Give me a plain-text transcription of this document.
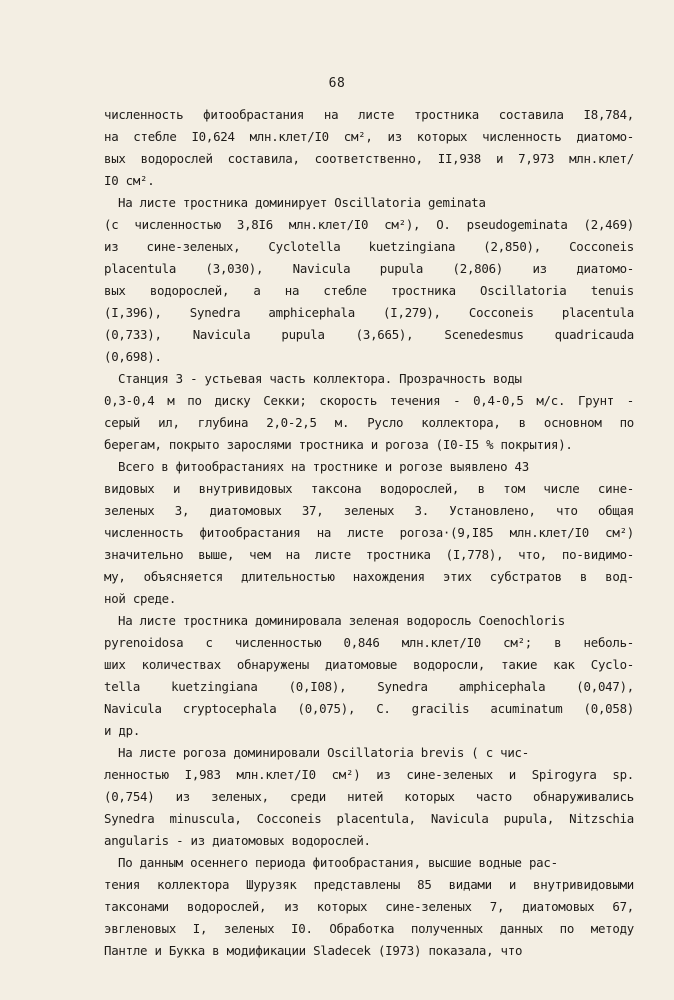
68

численность фитообрастания на листе тростника составила I8,784,

на стебле I0,624 млн.клет/I0 см², из которых численность диатомо-

вых водорослей составила, соответственно, II,938 и 7,973 млн.клет/

I0 см².

На листе тростника доминирует Oscillatoria geminata

(с численностью 3,8I6 млн.клет/I0 см²), O. pseudogeminata (2,469)

из сине-зеленых, Cyclotella kuetzingiana (2,850), Cocconeis

placentula (3,030), Navicula pupula (2,806) из диатомо-

вых водорослей, а на стебле тростника Oscillatoria tenuis

(I,396), Synedra amphicephala (I,279), Cocconeis placentula

(0,733), Navicula pupula (3,665), Scenedesmus quadricauda

(0,698).

Станция 3 - устьевая часть коллектора. Прозрачность воды

0,3-0,4 м по диску Секки; скорость течения - 0,4-0,5 м/с. Грунт -

серый ил, глубина 2,0-2,5 м. Русло коллектора, в основном по

берегам, покрыто зарослями тростника и рогоза (I0-I5 % покрытия).

Всего в фитообрастаниях на тростнике и рогозе выявлено 43

видовых и внутривидовых таксона водорослей, в том числе сине-

зеленых 3, диатомовых 37, зеленых 3. Установлено, что общая

численность фитообрастания на листе рогоза·(9,I85 млн.клет/I0 см²)

значительно выше, чем на листе тростника (I,778), что, по-видимо-

му, объясняется длительностью нахождения этих субстратов в вод-

ной среде.

На листе тростника доминировала зеленая водоросль Coenochloris

pyrenoidosa с численностью 0,846 млн.клет/I0 см²; в неболь-

ших количествах обнаружены диатомовые водоросли, такие как Cyclo-

tella kuetzingiana (0,I08), Synedra amphicephala (0,047),

Navicula cryptocephala (0,075), C. gracilis acuminatum (0,058)

и др.

На листе рогоза доминировали Oscillatoria brevis ( с чис-

ленностью I,983 млн.клет/I0 см²) из сине-зеленых и Spirogyra sp.

(0,754) из зеленых, среди нитей которых часто обнаруживались

Synedra minuscula, Cocconeis placentula, Navicula pupula, Nitzschia

angularis - из диатомовых водорослей.

По данным осеннего периода фитообрастания, высшие водные рас-

тения коллектора Шурузяк представлены 85 видами и внутривидовыми

таксонами водорослей, из которых сине-зеленых 7, диатомовых 67,

эвгленовых I, зеленых I0. Обработка полученных данных по методу

Пантле и Букка в модификации Sladecek (I973) показала, что
